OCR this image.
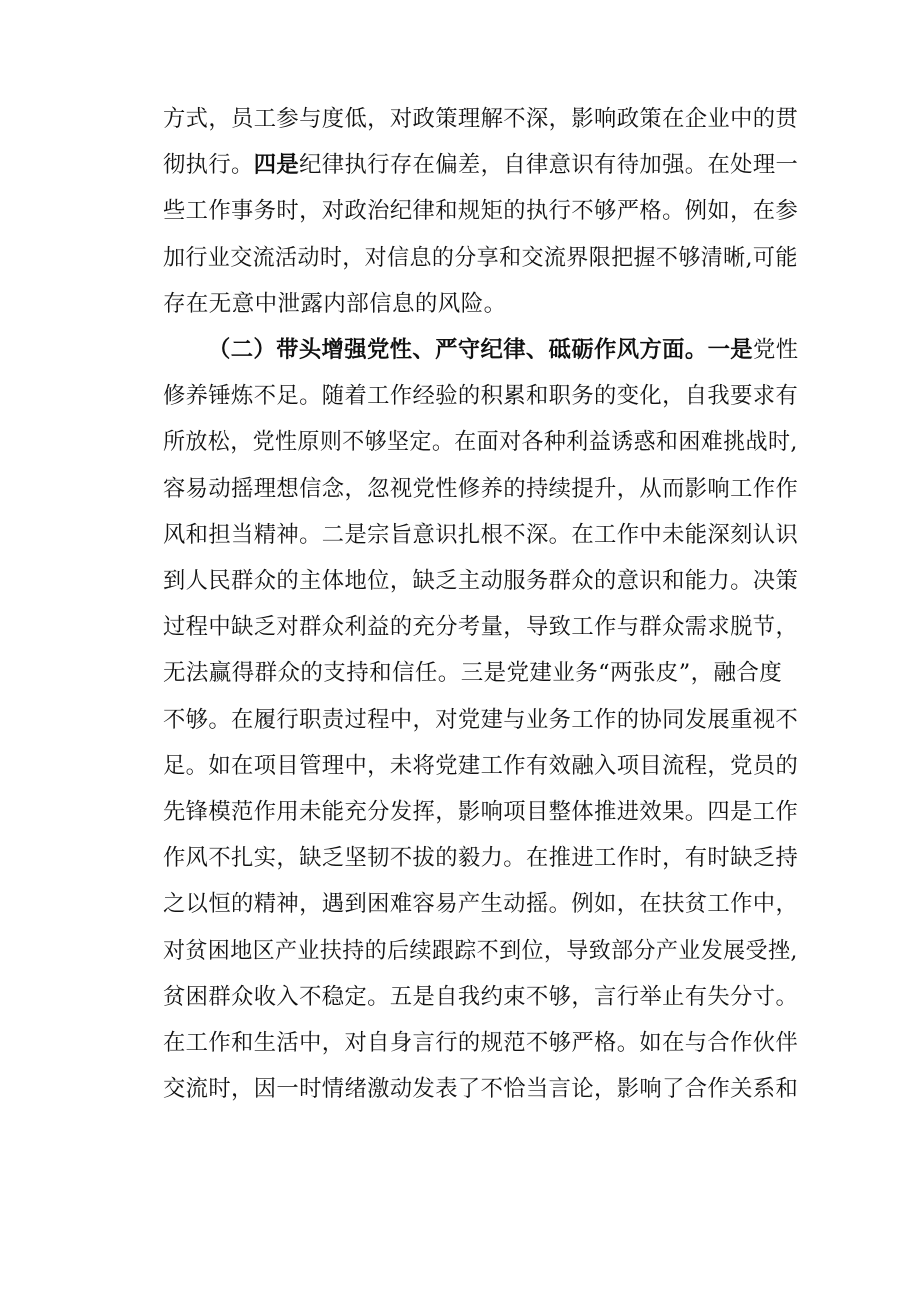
方式，员工参与度低，对政策理解不深，影响政策在企业中的贯
彻执行。四是纪律执行存在偏差，自律意识有待加强。在处理一
些工作事务时，对政治纪律和规矩的执行不够严格。例如，在参
加行业交流活动时，对信息的分享和交流界限把握不够清晰,可能
存在无意中泄露内部信息的风险。
（二）带头增强党性、严守纪律、砥砺作风方面。一是党性
修养锤炼不足。随着工作经验的积累和职务的变化，自我要求有
所放松，党性原则不够坚定。在面对各种利益诱惑和困难挑战时,
容易动摇理想信念，忽视党性修养的持续提升，从而影响工作作
风和担当精神。二是宗旨意识扎根不深。在工作中未能深刻认识
到人民群众的主体地位，缺乏主动服务群众的意识和能力。决策
过程中缺乏对群众利益的充分考量，导致工作与群众需求脱节，
无法赢得群众的支持和信任。三是党建业务“两张皮”，融合度
不够。在履行职责过程中，对党建与业务工作的协同发展重视不
足。如在项目管理中，未将党建工作有效融入项目流程，党员的
先锋模范作用未能充分发挥，影响项目整体推进效果。四是工作
作风不扎实，缺乏坚韧不拔的毅力。在推进工作时，有时缺乏持
之以恒的精神，遇到困难容易产生动摇。例如，在扶贫工作中，
对贫困地区产业扶持的后续跟踪不到位，导致部分产业发展受挫,
贫困群众收入不稳定。五是自我约束不够，言行举止有失分寸。
在工作和生活中，对自身言行的规范不够严格。如在与合作伙伴
交流时，因一时情绪激动发表了不恰当言论，影响了合作关系和
